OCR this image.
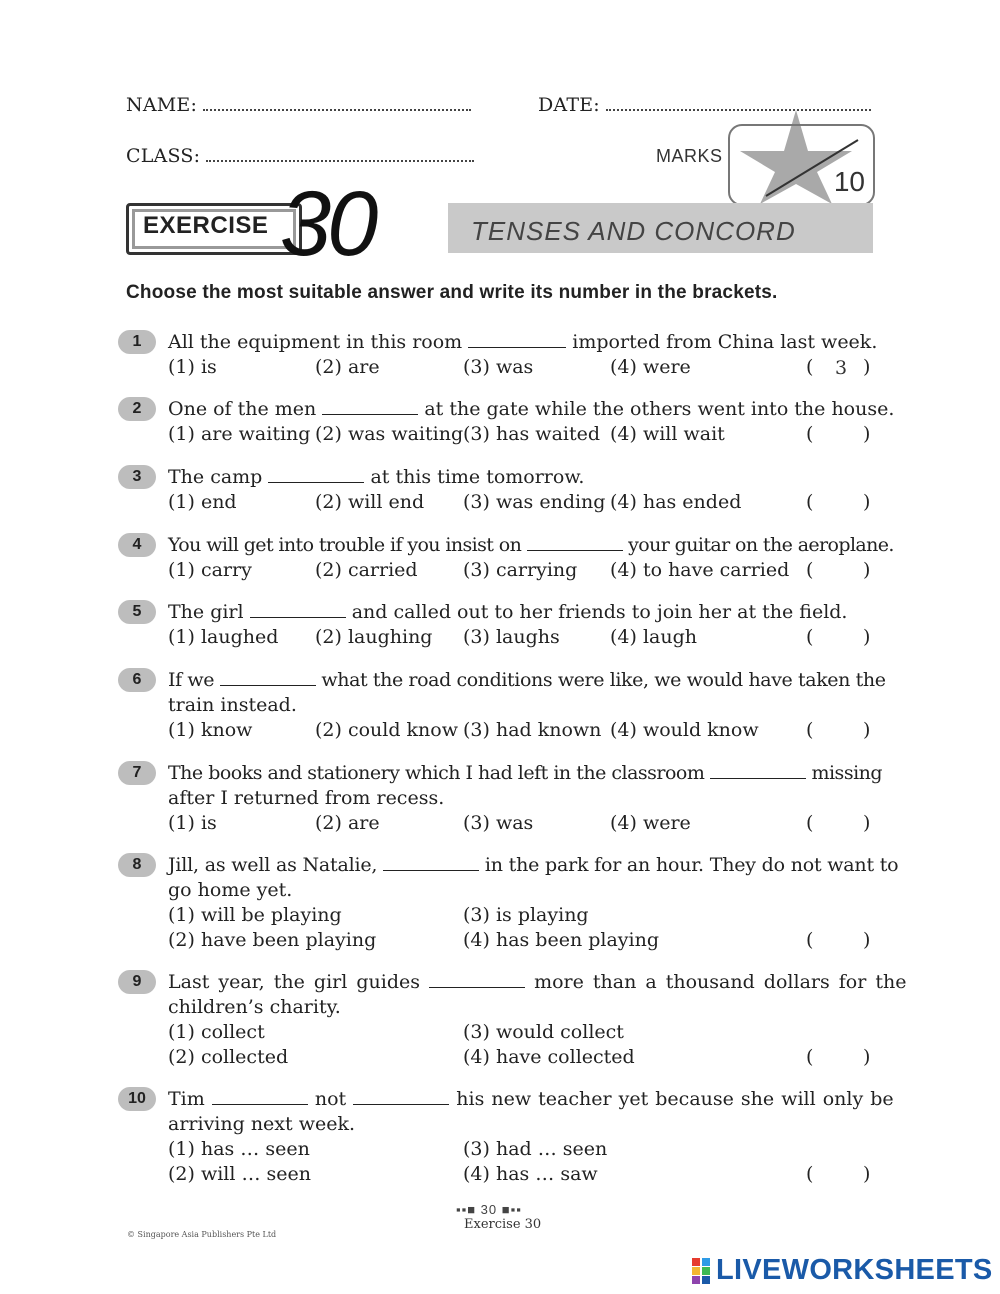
NAME:	DATE:
CLASS:
10
MARKS
EXERCISE 30	TENSES AND CONCORD
Choose the most suitable answer and write its number in the brackets.
1	All the equipment in this room	imported from China last week.
(1) is	(2) are	(3) was	(4) were	(	3 )
2	One of the men	at the gate while the others went into the house.
(1) are waiting (2) was waiting (3) has waited (4) will wait	(	)
3	The camp	at this time tomorrow.
(1) end	(2) will end (3) was ending (4) has ended	(	)
4	You will get into trouble if you insist on	your guitar on the aeroplane.
(1) carry	(2) carried (3) carrying (4) to have carried (	)
5	The girl	and called out to her friends to join her at the field.
(1) laughed (2) laughing (3) laughs	(4) laugh	(	)
6	If we	what the road conditions were like, we would have taken the
train instead.
(1) know	(2) could know (3) had known (4) would know (	)
7	The books and stationery which I had left in the classroom	missing
after I returned from recess.
(1) is	(2) are	(3) was	(4) were	(	)
8	Jill, as well as Natalie,	in the park for an hour. They do not want to
go home yet.
(1) will be playing	(3) is playing
(2) have been playing	(4) has been playing	(	)
9	Last year, the girl guides	more than a thousand dollars for the
children’s charity.
(1) collect	(3) would collect
(2) collected	(4) have collected	(	)
10	Tim	not	his new teacher yet because she will only be
arriving next week.
(1) has … seen	(3) had … seen
(2) will … seen	(4) has … saw	(	)
▪▪■ 30 ■▪▪
Exercise 30
© Singapore Asia Publishers Pte Ltd
LIVEWORKSHEETS
